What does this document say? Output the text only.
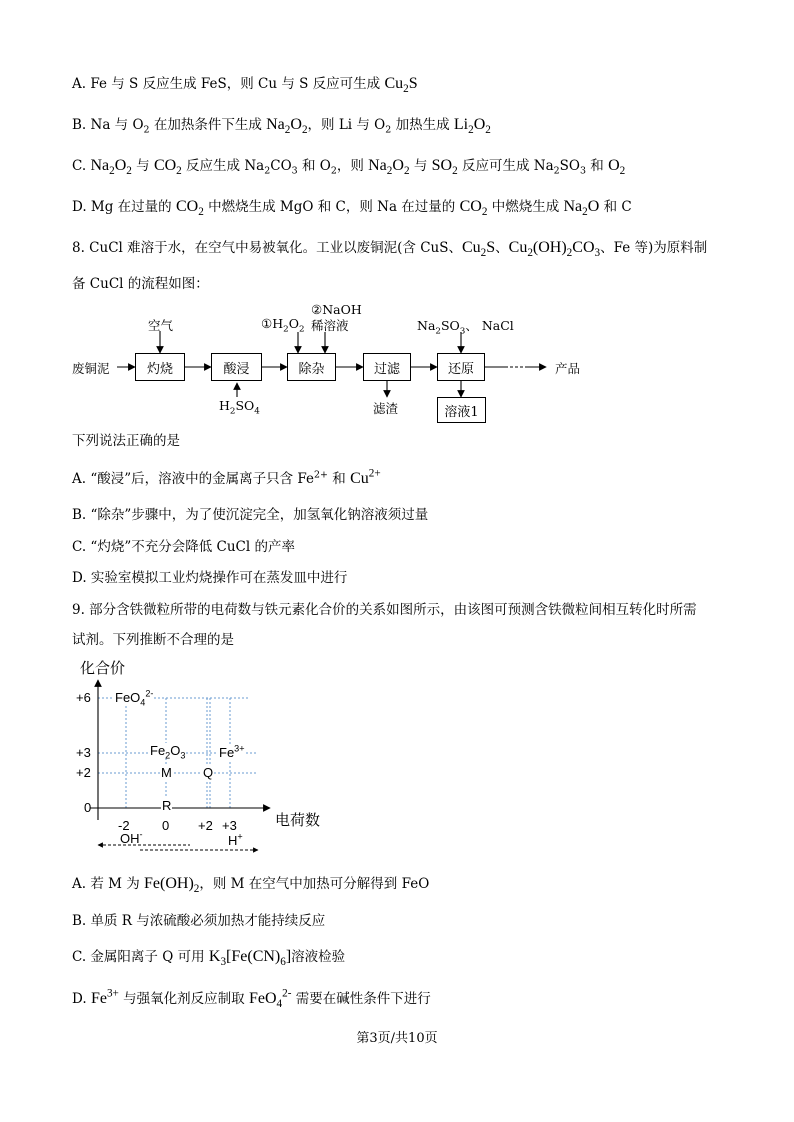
A. Fe 与 S 反应生成 FeS，则 Cu 与 S 反应可生成 $Cu_2S$
B. Na 与 $O_2$ 在加热条件下生成 $Na_2O_2$，则 Li 与 $O_2$ 加热生成 $Li_2O_2$
C. $Na_2O_2$ 与 $CO_2$ 反应生成 $Na_2CO_3$ 和 $O_2$，则 $Na_2O_2$ 与 $SO_2$ 反应可生成 $Na_2SO_3$ 和 $O_2$
D. Mg 在过量的 $CO_2$ 中燃烧生成 MgO 和 C，则 Na 在过量的 $CO_2$ 中燃烧生成 $Na_2O$ 和 C
8. CuCl 难溶于水，在空气中易被氧化。工业以废铜泥(含 CuS、$Cu_2S$、$Cu_2(OH)_2CO_3$、Fe 等)为原料制
备 CuCl 的流程如图：
废铜泥	灼烧	酸浸	除杂	过滤	还原
溶液1
空气
$H_2SO_4$
$①H_2O_2$
②NaOH
稀溶液	$Na_2SO_3$、 NaCl
滤渣
产品
下列说法正确的是
A. “酸浸”后，溶液中的金属离子只含 $Fe^{2+}$ 和 $Cu^{2+}$
B. “除杂”步骤中，为了使沉淀完全，加氢氧化钠溶液须过量
C. “灼烧”不充分会降低 CuCl 的产率
D. 实验室模拟工业灼烧操作可在蒸发皿中进行
9. 部分含铁微粒所带的电荷数与铁元素化合价的关系如图所示，由该图可预测含铁微粒间相互转化时所需
试剂。下列推断不合理的是
化合价
电荷数
+6
+3
+2
0
-2 0 +2 +3
OH-	H+
FeO$_4^{2-}$
$Fe_2O_3$	$Fe^{3+}$
M Q
R
A. 若 M 为 $Fe(OH)_2$，则 M 在空气中加热可分解得到 FeO
B. 单质 R 与浓硫酸必须加热才能持续反应
C. 金属阳离子 Q 可用 $K_3[Fe(CN)_6]$溶液检验
D. $Fe^{3+}$ 与强氧化剂反应制取 FeO$_4^{2-}$ 需要在碱性条件下进行
第3页/共10页
